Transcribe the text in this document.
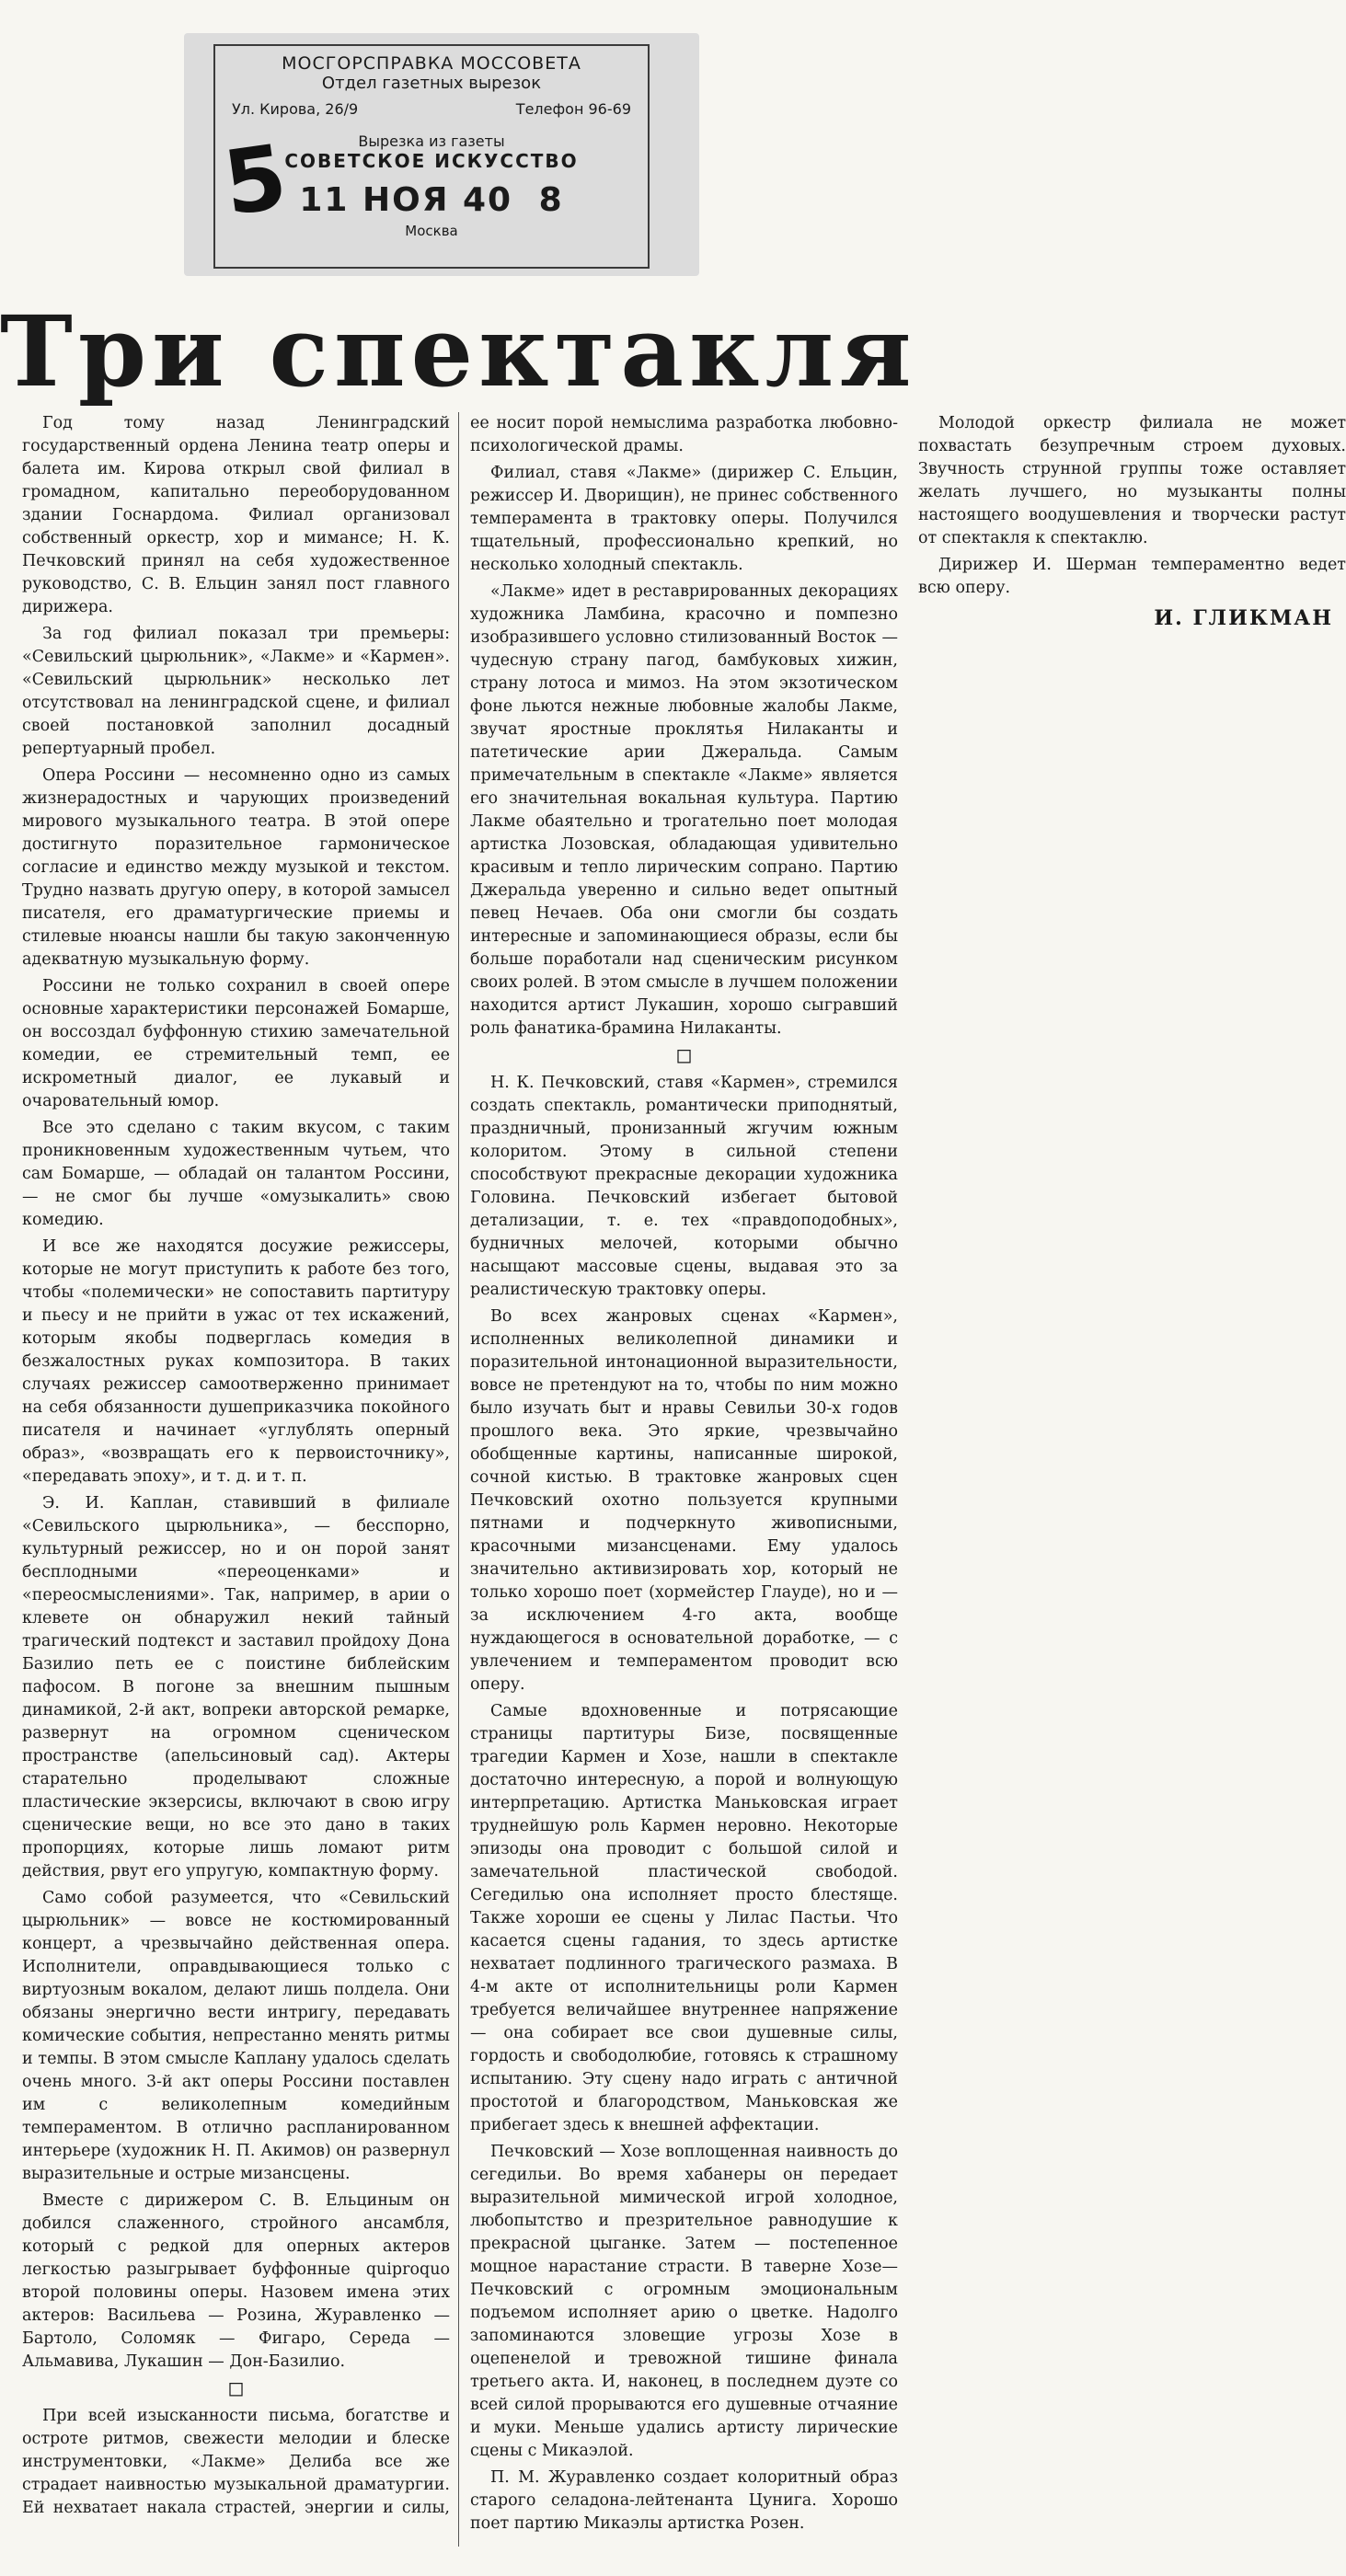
МОСГОРСПРАВКА МОССОВЕТА
Отдел газетных вырезок
Ул. Кирова, 26/9	Телефон 96-69
Вырезка из газеты
СОВЕТСКОЕ ИСКУССТВО
11 НОЯ 40 8
Москва
5
Три спектакля

Год тому назад Ленинградский государственный ордена Ленина театр оперы и балета им. Кирова открыл свой филиал в громадном, капитально переоборудованном здании Госнардома. Филиал организовал собственный оркестр, хор и мимансе; Н. К. Печковский принял на себя художественное руководство, С. В. Ельцин занял пост главного дирижера.

За год филиал показал три премьеры: «Севильский цырюльник», «Лакме» и «Кармен». «Севильский цырюльник» несколько лет отсутствовал на ленинградской сцене, и филиал своей постановкой заполнил досадный репертуарный пробел.

Опера Россини — несомненно одно из самых жизнерадостных и чарующих произведений мирового музыкального театра. В этой опере достигнуто поразительное гармоническое согласие и единство между музыкой и текстом. Трудно назвать другую оперу, в которой замысел писателя, его драматургические приемы и стилевые нюансы нашли бы такую законченную адекватную музыкальную форму.

Россини не только сохранил в своей опере основные характеристики персонажей Бомарше, он воссоздал буффонную стихию замечательной комедии, ее стремительный темп, ее искрометный диалог, ее лукавый и очаровательный юмор.

Все это сделано с таким вкусом, с таким проникновенным художественным чутьем, что сам Бомарше, — обладай он талантом Россини, — не смог бы лучше «омузыкалить» свою комедию.

И все же находятся досужие режиссеры, которые не могут приступить к работе без того, чтобы «полемически» не сопоставить партитуру и пьесу и не прийти в ужас от тех искажений, которым якобы подверглась комедия в безжалостных руках композитора. В таких случаях режиссер самоотверженно принимает на себя обязанности душеприказчика покойного писателя и начинает «углублять оперный образ», «возвращать его к первоисточнику», «передавать эпоху», и т. д. и т. п.

Э. И. Каплан, ставивший в филиале «Севильского цырюльника», — бесспорно, культурный режиссер, но и он порой занят бесплодными «переоценками» и «переосмыслениями». Так, например, в арии о клевете он обнаружил некий тайный трагический подтекст и заставил пройдоху Дона Базилио петь ее с поистине библейским пафосом. В погоне за внешним пышным динамикой, 2-й акт, вопреки авторской ремарке, развернут на огромном сценическом пространстве (апельсиновый сад). Актеры старательно проделывают сложные пластические экзерсисы, включают в свою игру сценические вещи, но все это дано в таких пропорциях, которые лишь ломают ритм действия, рвут его упругую, компактную форму.

Само собой разумеется, что «Севильский цырюльник» — вовсе не костюмированный концерт, а чрезвычайно действенная опера. Исполнители, оправдывающиеся только с виртуозным вокалом, делают лишь полдела. Они обязаны энергично вести интригу, передавать комические события, непрестанно менять ритмы и темпы. В этом смысле Каплану удалось сделать очень много. 3-й акт оперы Россини поставлен им с великолепным комедийным темпераментом. В отлично распланированном интерьере (художник Н. П. Акимов) он развернул выразительные и острые мизансцены.

Вместе с дирижером С. В. Ельциным он добился слаженного, стройного ансамбля, который с редкой для оперных актеров легкостью разыгрывает буффонные quiproquo второй половины оперы. Назовем имена этих актеров: Васильева — Розина, Журавленко — Бартоло, Соломяк — Фигаро, Середа — Альмавива, Лукашин — Дон-Базилио.

◻

При всей изысканности письма, богатстве и остроте ритмов, свежести мелодии и блеске инструментовки, «Лакме» Делиба все же страдает наивностью музыкальной драматургии. Ей нехватает накала страстей, энергии и силы, ее носит порой немыслима разработка любовно-психологической драмы.

Филиал, ставя «Лакме» (дирижер С. Ельцин, режиссер И. Дворищин), не принес собственного темперамента в трактовку оперы. Получился тщательный, профессионально крепкий, но несколько холодный спектакль.

«Лакме» идет в реставрированных декорациях художника Ламбина, красочно и помпезно изобразившего условно стилизованный Восток — чудесную страну пагод, бамбуковых хижин, страну лотоса и мимоз. На этом экзотическом фоне льются нежные любовные жалобы Лакме, звучат яростные проклятья Нилаканты и патетические арии Джеральда. Самым примечательным в спектакле «Лакме» является его значительная вокальная культура. Партию Лакме обаятельно и трогательно поет молодая артистка Лозовская, обладающая удивительно красивым и тепло лирическим сопрано. Партию Джеральда уверенно и сильно ведет опытный певец Нечаев. Оба они смогли бы создать интересные и запоминающиеся образы, если бы больше поработали над сценическим рисунком своих ролей. В этом смысле в лучшем положении находится артист Лукашин, хорошо сыгравший роль фанатика-брамина Нилаканты.

◻

Н. К. Печковский, ставя «Кармен», стремился создать спектакль, романтически приподнятый, праздничный, пронизанный жгучим южным колоритом. Этому в сильной степени способствуют прекрасные декорации художника Головина. Печковский избегает бытовой детализации, т. е. тех «правдоподобных», будничных мелочей, которыми обычно насыщают массовые сцены, выдавая это за реалистическую трактовку оперы.

Во всех жанровых сценах «Кармен», исполненных великолепной динамики и поразительной интонационной выразительности, вовсе не претендуют на то, чтобы по ним можно было изучать быт и нравы Севильи 30-х годов прошлого века. Это яркие, чрезвычайно обобщенные картины, написанные широкой, сочной кистью. В трактовке жанровых сцен Печковский охотно пользуется крупными пятнами и подчеркнуто живописными, красочными мизансценами. Ему удалось значительно активизировать хор, который не только хорошо поет (хормейстер Глауде), но и — за исключением 4-го акта, вообще нуждающегося в основательной доработке, — с увлечением и темпераментом проводит всю оперу.

Самые вдохновенные и потрясающие страницы партитуры Бизе, посвященные трагедии Кармен и Хозе, нашли в спектакле достаточно интересную, а порой и волнующую интерпретацию. Артистка Маньковская играет труднейшую роль Кармен неровно. Некоторые эпизоды она проводит с большой силой и замечательной пластической свободой. Сегедилью она исполняет просто блестяще. Также хороши ее сцены у Лилас Пастьи. Что касается сцены гадания, то здесь артистке нехватает подлинного трагического размаха. В 4-м акте от исполнительницы роли Кармен требуется величайшее внутреннее напряжение — она собирает все свои душевные силы, гордость и свободолюбие, готовясь к страшному испытанию. Эту сцену надо играть с античной простотой и благородством, Маньковская же прибегает здесь к внешней аффектации.

Печковский — Хозе воплощенная наивность до сегедильи. Во время хабанеры он передает выразительной мимической игрой холодное, любопытство и презрительное равнодушие к прекрасной цыганке. Затем — постепенное мощное нарастание страсти. В таверне Хозе—Печковский с огромным эмоциональным подъемом исполняет арию о цветке. Надолго запоминаются зловещие угрозы Хозе в оцепенелой и тревожной тишине финала третьего акта. И, наконец, в последнем дуэте со всей силой прорываются его душевные отчаяние и муки. Меньше удались артисту лирические сцены с Микаэлой.

П. М. Журавленко создает колоритный образ старого селадона-лейтенанта Цунига. Хорошо поет партию Микаэлы артистка Розен.

Молодой оркестр филиала не может похвастать безупречным строем духовых. Звучность струнной группы тоже оставляет желать лучшего, но музыканты полны настоящего воодушевления и творчески растут от спектакля к спектаклю.

Дирижер И. Шерман темпераментно ведет всю оперу.

И. ГЛИКМАН
